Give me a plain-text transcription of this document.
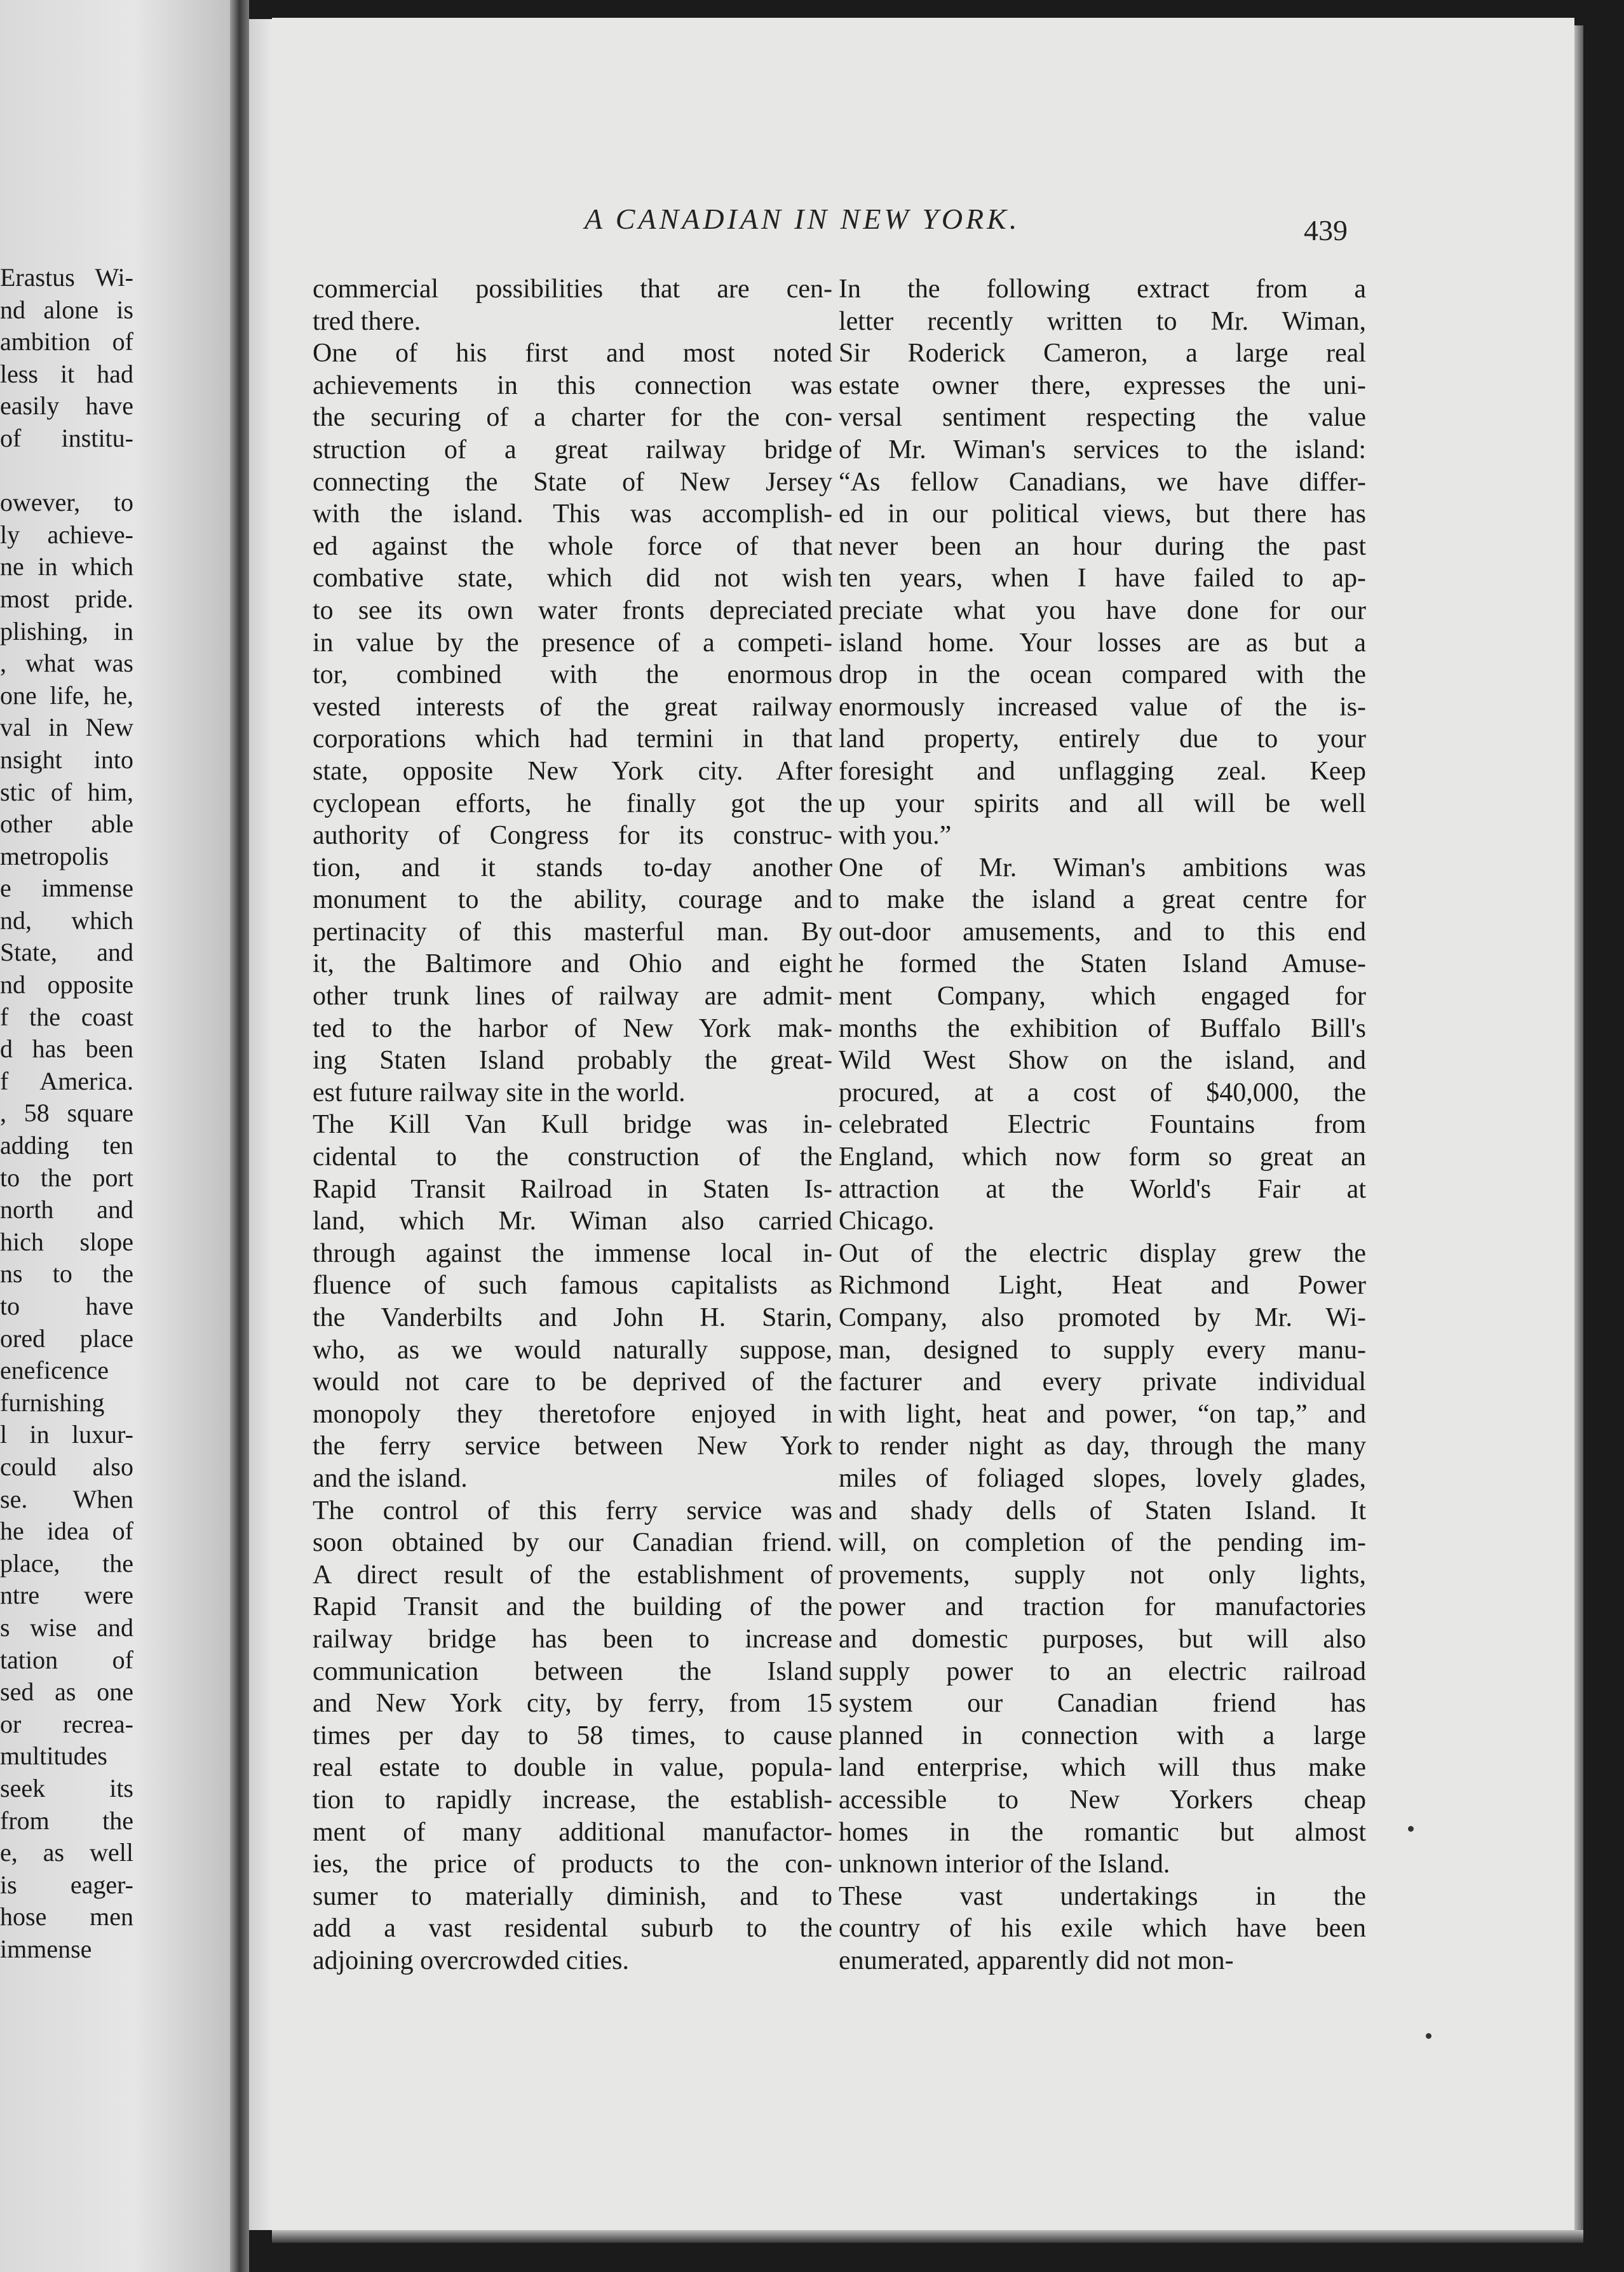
Erastus Wi-
nd alone is
ambition of
less it had
easily have
of institu-

owever, to
ly achieve-
ne in which
most pride.
plishing, in
, what was
one life, he,
val in New
nsight into
stic of him,
other able
metropolis
e immense
nd, which
State, and
nd opposite
f the coast
d has been
f America.
, 58 square
adding ten
to the port
north and
hich slope
ns to the
to have
ored place
eneficence
furnishing
l in luxur-
could also
se. When
he idea of
place, the
ntre were
s wise and
tation of
sed as one
or recrea-
multitudes
seek its
from the
e, as well
is eager-
hose men
immense
A CANADIAN IN NEW YORK.	439
commercial possibilities that are cen-
tred there.
One of his first and most noted
achievements in this connection was
the securing of a charter for the con-
struction of a great railway bridge
connecting the State of New Jersey
with the island. This was accomplish-
ed against the whole force of that
combative state, which did not wish
to see its own water fronts depreciated
in value by the presence of a competi-
tor, combined with the enormous
vested interests of the great railway
corporations which had termini in that
state, opposite New York city. After
cyclopean efforts, he finally got the
authority of Congress for its construc-
tion, and it stands to-day another
monument to the ability, courage and
pertinacity of this masterful man. By
it, the Baltimore and Ohio and eight
other trunk lines of railway are admit-
ted to the harbor of New York mak-
ing Staten Island probably the great-
est future railway site in the world.
The Kill Van Kull bridge was in-
cidental to the construction of the
Rapid Transit Railroad in Staten Is-
land, which Mr. Wiman also carried
through against the immense local in-
fluence of such famous capitalists as
the Vanderbilts and John H. Starin,
who, as we would naturally suppose,
would not care to be deprived of the
monopoly they theretofore enjoyed in
the ferry service between New York
and the island.
The control of this ferry service was
soon obtained by our Canadian friend.
A direct result of the establishment of
Rapid Transit and the building of the
railway bridge has been to increase
communication between the Island
and New York city, by ferry, from 15
times per day to 58 times, to cause
real estate to double in value, popula-
tion to rapidly increase, the establish-
ment of many additional manufactor-
ies, the price of products to the con-
sumer to materially diminish, and to
add a vast residental suburb to the
adjoining overcrowded cities.
In the following extract from a
letter recently written to Mr. Wiman,
Sir Roderick Cameron, a large real
estate owner there, expresses the uni-
versal sentiment respecting the value
of Mr. Wiman's services to the island:
“As fellow Canadians, we have differ-
ed in our political views, but there has
never been an hour during the past
ten years, when I have failed to ap-
preciate what you have done for our
island home. Your losses are as but a
drop in the ocean compared with the
enormously increased value of the is-
land property, entirely due to your
foresight and unflagging zeal. Keep
up your spirits and all will be well
with you.”
One of Mr. Wiman's ambitions was
to make the island a great centre for
out-door amusements, and to this end
he formed the Staten Island Amuse-
ment Company, which engaged for
months the exhibition of Buffalo Bill's
Wild West Show on the island, and
procured, at a cost of $40,000, the
celebrated Electric Fountains from
England, which now form so great an
attraction at the World's Fair at
Chicago.
Out of the electric display grew the
Richmond Light, Heat and Power
Company, also promoted by Mr. Wi-
man, designed to supply every manu-
facturer and every private individual
with light, heat and power, “on tap,” and
to render night as day, through the many
miles of foliaged slopes, lovely glades,
and shady dells of Staten Island. It
will, on completion of the pending im-
provements, supply not only lights,
power and traction for manufactories
and domestic purposes, but will also
supply power to an electric railroad
system our Canadian friend has
planned in connection with a large
land enterprise, which will thus make
accessible to New Yorkers cheap
homes in the romantic but almost
unknown interior of the Island.
These vast undertakings in the
country of his exile which have been
enumerated, apparently did not mon-
